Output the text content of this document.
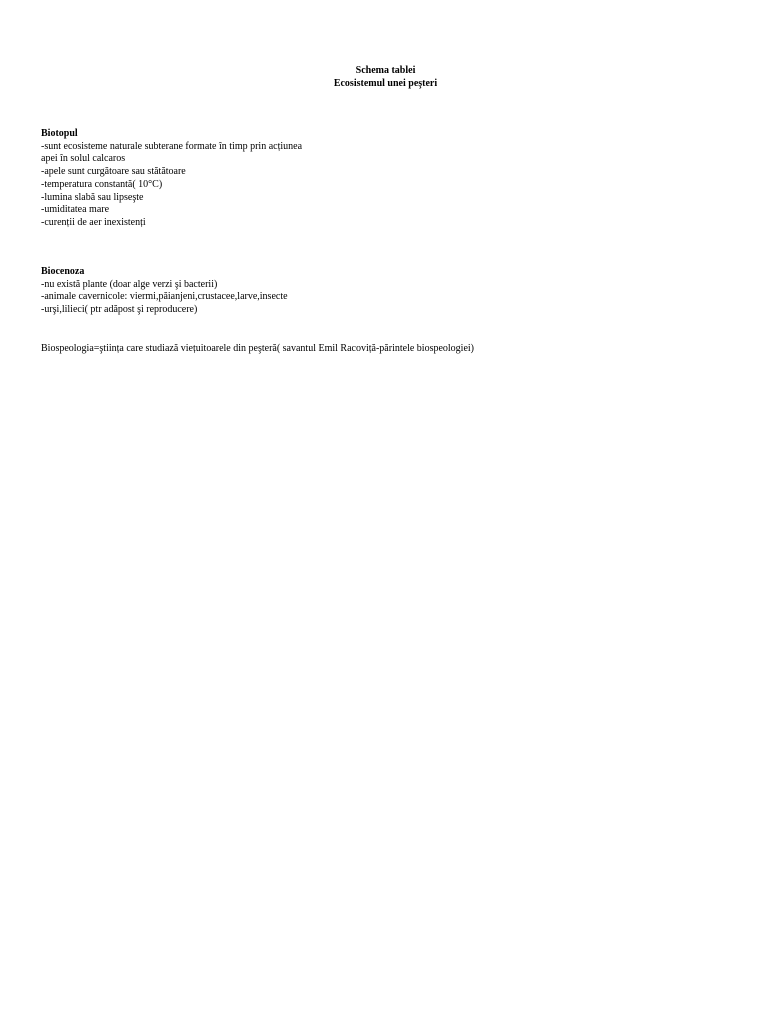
Schema tablei
Ecosistemul unei peşteri
Biotopul
-sunt ecosisteme naturale subterane formate în timp prin acțiunea
apei în solul calcaros
-apele sunt curgătoare sau stătătoare
-temperatura constantă( 10°C)
-lumina slabă sau lipseşte
-umiditatea mare
-curenții de aer inexistenți
Biocenoza
-nu există plante (doar alge verzi şi bacterii)
-animale cavernicole: viermi,păianjeni,crustacee,larve,insecte
-urşi,lilieci( ptr adăpost şi reproducere)
Biospeologia=ştiința care studiază viețuitoarele din peşteră( savantul Emil Racoviță-părintele biospeologiei)
